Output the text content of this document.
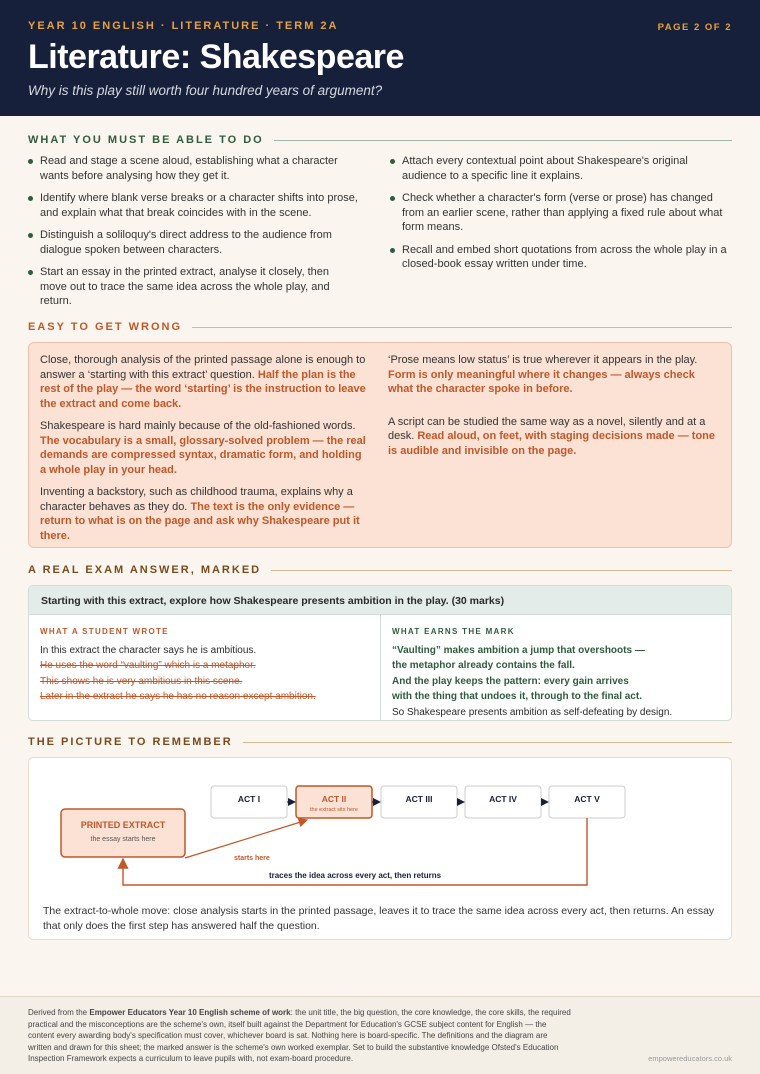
YEAR 10 ENGLISH · LITERATURE · TERM 2A	PAGE 2 OF 2
Literature: Shakespeare
Why is this play still worth four hundred years of argument?
WHAT YOU MUST BE ABLE TO DO
Read and stage a scene aloud, establishing what a character wants before analysing how they get it.
Identify where blank verse breaks or a character shifts into prose, and explain what that break coincides with in the scene.
Distinguish a soliloquy's direct address to the audience from dialogue spoken between characters.
Start an essay in the printed extract, analyse it closely, then move out to trace the same idea across the whole play, and return.
Attach every contextual point about Shakespeare's original audience to a specific line it explains.
Check whether a character's form (verse or prose) has changed from an earlier scene, rather than applying a fixed rule about what form means.
Recall and embed short quotations from across the whole play in a closed-book essay written under time.
EASY TO GET WRONG
Close, thorough analysis of the printed passage alone is enough to answer a ‘starting with this extract’ question. Half the plan is the rest of the play — the word ‘starting’ is the instruction to leave the extract and come back.
Shakespeare is hard mainly because of the old-fashioned words. The vocabulary is a small, glossary-solved problem — the real demands are compressed syntax, dramatic form, and holding a whole play in your head.
Inventing a backstory, such as childhood trauma, explains why a character behaves as they do. The text is the only evidence — return to what is on the page and ask why Shakespeare put it there.
‘Prose means low status’ is true wherever it appears in the play. Form is only meaningful where it changes — always check what the character spoke in before.
A script can be studied the same way as a novel, silently and at a desk. Read aloud, on feet, with staging decisions made — tone is audible and invisible on the page.
A REAL EXAM ANSWER, MARKED
Starting with this extract, explore how Shakespeare presents ambition in the play. (30 marks)
WHAT A STUDENT WROTE
In this extract the character says he is ambitious.
He uses the word “vaulting” which is a metaphor.
This shows he is very ambitious in this scene.
Later in the extract he says he has no reason except ambition.
WHAT EARNS THE MARK
“Vaulting” makes ambition a jump that overshoots —
the metaphor already contains the fall.
And the play keeps the pattern: every gain arrives
with the thing that undoes it, through to the final act.
So Shakespeare presents ambition as self-defeating by design.
THE PICTURE TO REMEMBER
PRINTED EXTRACT
the essay starts here
ACT I	ACT II
the extract sits here
ACT III	ACT IV	ACT V
starts here
traces the idea across every act, then returns
The extract-to-whole move: close analysis starts in the printed passage, leaves it to trace the same idea across every act, then returns. An essay that only does the first step has answered half the question.
Derived from the Empower Educators Year 10 English scheme of work: the unit title, the big question, the core knowledge, the core skills, the required practical and the misconceptions are the scheme's own, itself built against the Department for Education's GCSE subject content for English — the content every awarding body's specification must cover, whichever board is sat. Nothing here is board-specific. The definitions and the diagram are written and drawn for this sheet; the marked answer is the scheme's own worked exemplar. Set to build the substantive knowledge Ofsted's Education Inspection Framework expects a curriculum to leave pupils with, not exam-board procedure.	empowereducators.co.uk
